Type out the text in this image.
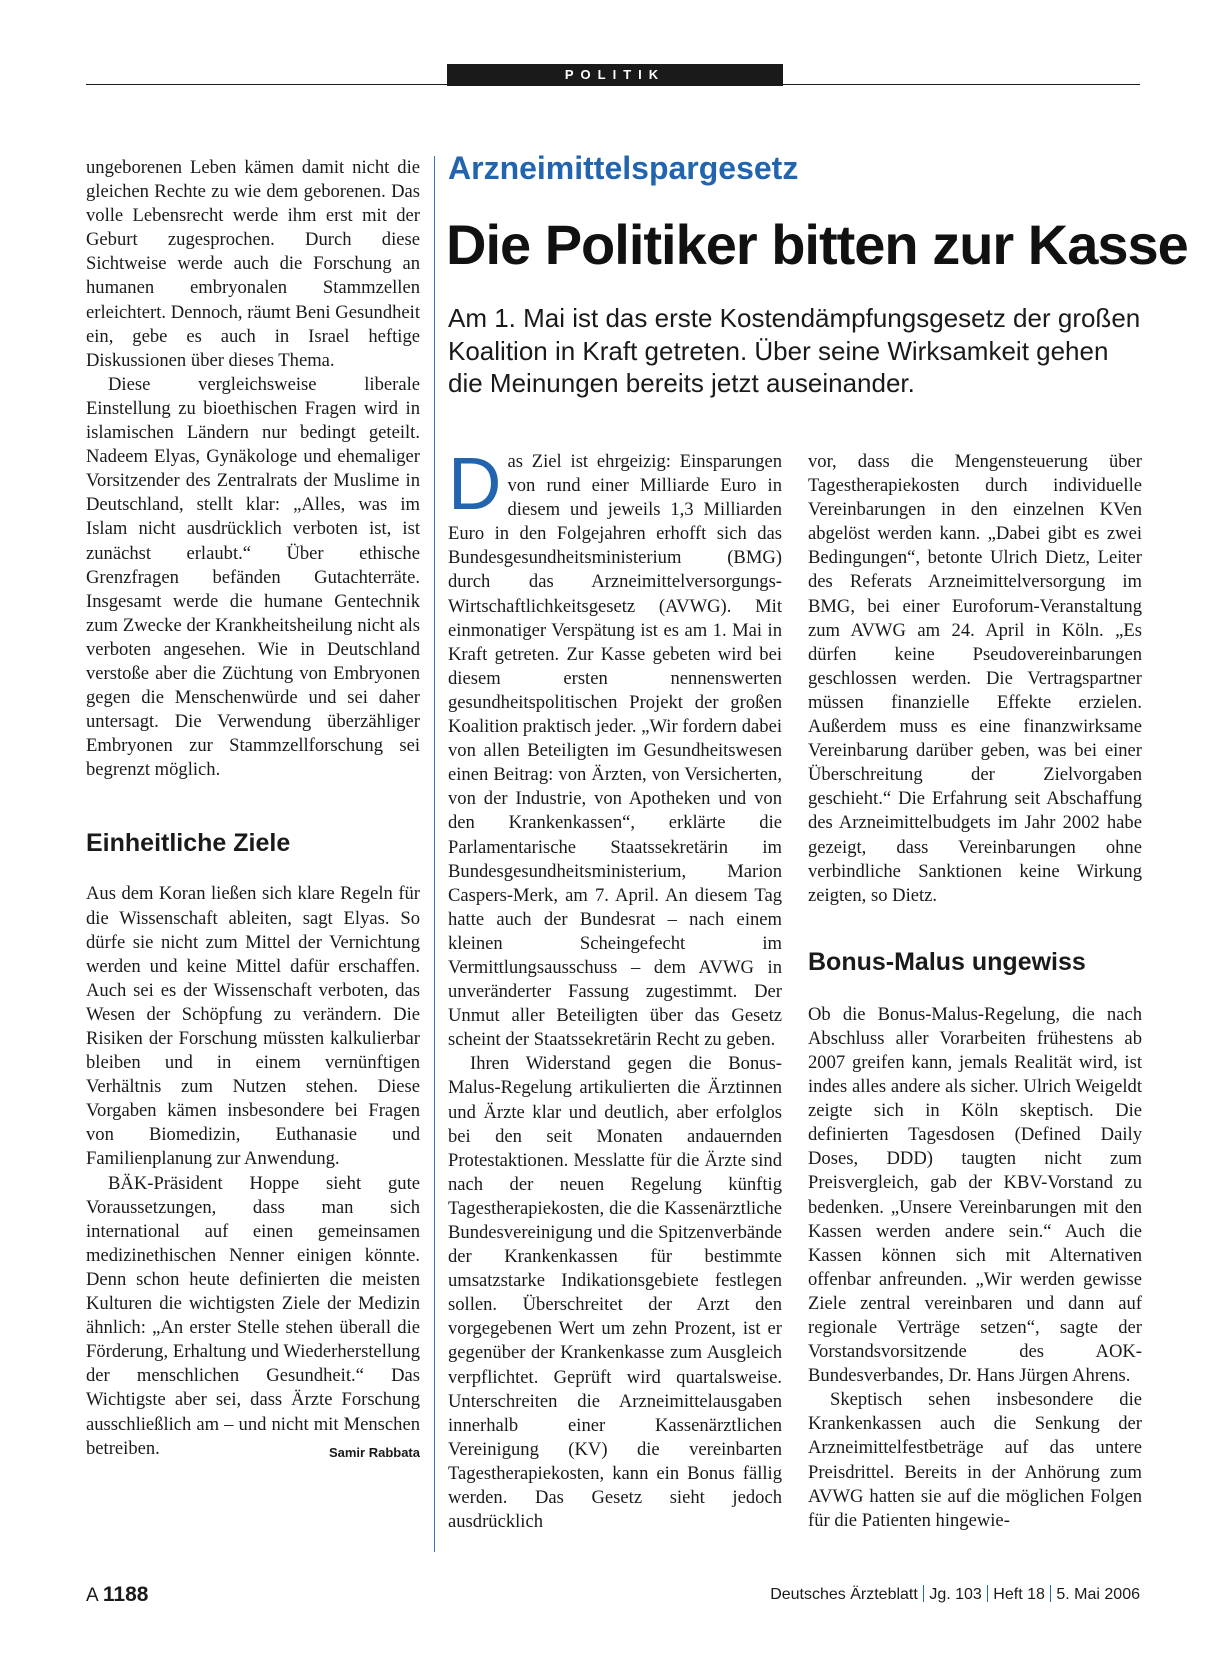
POLITIK

ungeborenen Leben kämen damit nicht die gleichen Rechte zu wie dem geborenen. Das volle Lebensrecht werde ihm erst mit der Geburt zugesprochen. Durch diese Sichtweise werde auch die Forschung an humanen embryonalen Stammzellen erleichtert. Dennoch, räumt Beni Gesundheit ein, gebe es auch in Israel heftige Diskussionen über dieses Thema.

Diese vergleichsweise liberale Einstellung zu bioethischen Fragen wird in islamischen Ländern nur bedingt geteilt. Nadeem Elyas, Gynäkologe und ehemaliger Vorsitzender des Zentralrats der Muslime in Deutschland, stellt klar: „Alles, was im Islam nicht ausdrücklich verboten ist, ist zunächst erlaubt.“ Über ethische Grenzfragen befänden Gutachterräte. Insgesamt werde die humane Gentechnik zum Zwecke der Krankheitsheilung nicht als verboten angesehen. Wie in Deutschland verstoße aber die Züchtung von Embryonen gegen die Menschenwürde und sei daher untersagt. Die Verwendung überzähliger Embryonen zur Stammzellforschung sei begrenzt möglich.

Einheitliche Ziele

Aus dem Koran ließen sich klare Regeln für die Wissenschaft ableiten, sagt Elyas. So dürfe sie nicht zum Mittel der Vernichtung werden und keine Mittel dafür erschaffen. Auch sei es der Wissenschaft verboten, das Wesen der Schöpfung zu verändern. Die Risiken der Forschung müssten kalkulierbar bleiben und in einem vernünftigen Verhältnis zum Nutzen stehen. Diese Vorgaben kämen insbesondere bei Fragen von Biomedizin, Euthanasie und Familienplanung zur Anwendung.

BÄK-Präsident Hoppe sieht gute Voraussetzungen, dass man sich international auf einen gemeinsamen medizinethischen Nenner einigen könnte. Denn schon heute definierten die meisten Kulturen die wichtigsten Ziele der Medizin ähnlich: „An erster Stelle stehen überall die Förderung, Erhaltung und Wiederherstellung der menschlichen Gesundheit.“ Das Wichtigste aber sei, dass Ärzte Forschung ausschließlich am – und nicht mit Menschen betreiben.	Samir Rabbata

Arzneimittelspargesetz
Die Politiker bitten zur Kasse
Am 1. Mai ist das erste Kostendämpfungsgesetz der großen Koalition in Kraft getreten. Über seine Wirksamkeit gehen die Meinungen bereits jetzt auseinander.

Das Ziel ist ehrgeizig: Einsparungen von rund einer Milliarde Euro in diesem und jeweils 1,3 Milliarden Euro in den Folgejahren erhofft sich das Bundesgesundheitsministerium (BMG) durch das Arzneimittelversorgungs-Wirtschaftlichkeitsgesetz (AVWG). Mit einmonatiger Verspätung ist es am 1. Mai in Kraft getreten. Zur Kasse gebeten wird bei diesem ersten nennenswerten gesundheitspolitischen Projekt der großen Koalition praktisch jeder. „Wir fordern dabei von allen Beteiligten im Gesundheitswesen einen Beitrag: von Ärzten, von Versicherten, von der Industrie, von Apotheken und von den Krankenkassen“, erklärte die Parlamentarische Staatssekretärin im Bundesgesundheitsministerium, Marion Caspers-Merk, am 7. April. An diesem Tag hatte auch der Bundesrat – nach einem kleinen Scheingefecht im Vermittlungsausschuss – dem AVWG in unveränderter Fassung zugestimmt. Der Unmut aller Beteiligten über das Gesetz scheint der Staatssekretärin Recht zu geben.

Ihren Widerstand gegen die Bonus-Malus-Regelung artikulierten die Ärztinnen und Ärzte klar und deutlich, aber erfolglos bei den seit Monaten andauernden Protestaktionen. Messlatte für die Ärzte sind nach der neuen Regelung künftig Tagestherapiekosten, die die Kassenärztliche Bundesvereinigung und die Spitzenverbände der Krankenkassen für bestimmte umsatzstarke Indikationsgebiete festlegen sollen. Überschreitet der Arzt den vorgegebenen Wert um zehn Prozent, ist er gegenüber der Krankenkasse zum Ausgleich verpflichtet. Geprüft wird quartalsweise. Unterschreiten die Arzneimittelausgaben innerhalb einer Kassenärztlichen Vereinigung (KV) die vereinbarten Tagestherapiekosten, kann ein Bonus fällig werden. Das Gesetz sieht jedoch ausdrücklich

vor, dass die Mengensteuerung über Tagestherapiekosten durch individuelle Vereinbarungen in den einzelnen KVen abgelöst werden kann. „Dabei gibt es zwei Bedingungen“, betonte Ulrich Dietz, Leiter des Referats Arzneimittelversorgung im BMG, bei einer Euroforum-Veranstaltung zum AVWG am 24. April in Köln. „Es dürfen keine Pseudovereinbarungen geschlossen werden. Die Vertragspartner müssen finanzielle Effekte erzielen. Außerdem muss es eine finanzwirksame Vereinbarung darüber geben, was bei einer Überschreitung der Zielvorgaben geschieht.“ Die Erfahrung seit Abschaffung des Arzneimittelbudgets im Jahr 2002 habe gezeigt, dass Vereinbarungen ohne verbindliche Sanktionen keine Wirkung zeigten, so Dietz.

Bonus-Malus ungewiss

Ob die Bonus-Malus-Regelung, die nach Abschluss aller Vorarbeiten frühestens ab 2007 greifen kann, jemals Realität wird, ist indes alles andere als sicher. Ulrich Weigeldt zeigte sich in Köln skeptisch. Die definierten Tagesdosen (Defined Daily Doses, DDD) taugten nicht zum Preisvergleich, gab der KBV-Vorstand zu bedenken. „Unsere Vereinbarungen mit den Kassen werden andere sein.“ Auch die Kassen können sich mit Alternativen offenbar anfreunden. „Wir werden gewisse Ziele zentral vereinbaren und dann auf regionale Verträge setzen“, sagte der Vorstandsvorsitzende des AOK-Bundesverbandes, Dr. Hans Jürgen Ahrens.

Skeptisch sehen insbesondere die Krankenkassen auch die Senkung der Arzneimittelfestbeträge auf das untere Preisdrittel. Bereits in der Anhörung zum AVWG hatten sie auf die möglichen Folgen für die Patienten hingewie-

A 1188	Deutsches Ärzteblatt Jg. 103 Heft 18 5. Mai 2006
